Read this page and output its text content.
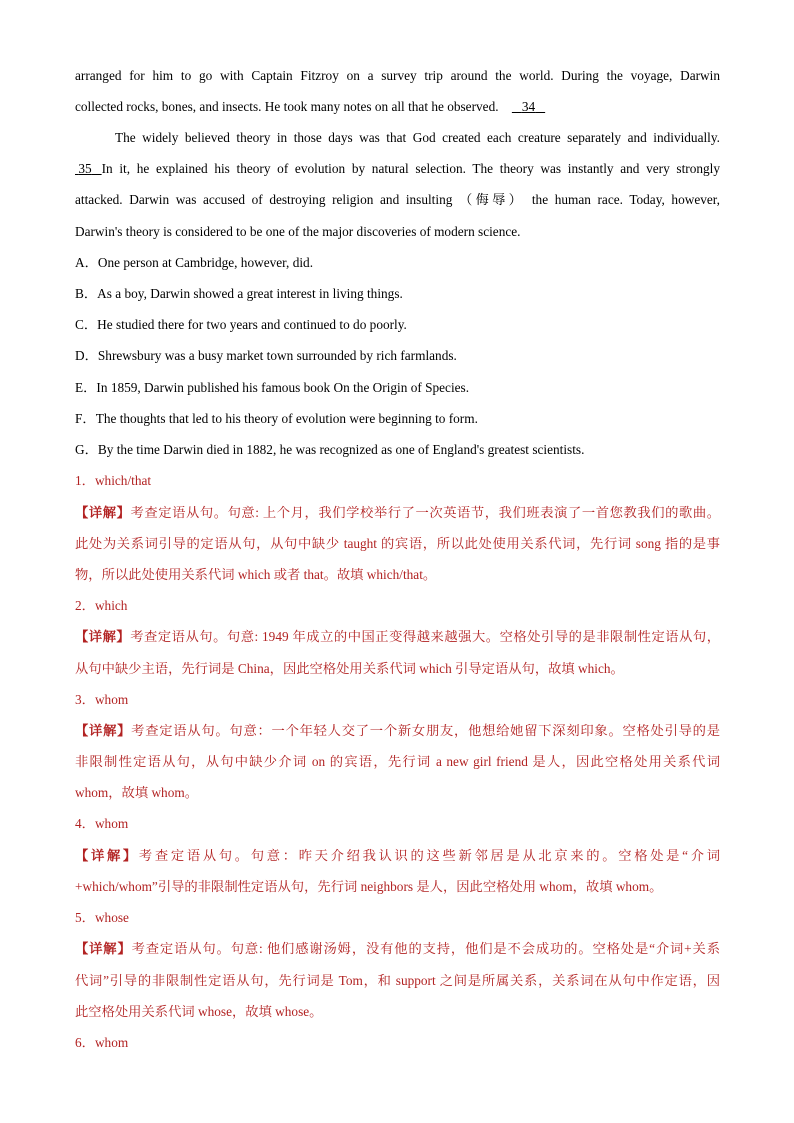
arranged for him to go with Captain Fitzroy on a survey trip around the world. During the voyage, Darwin
collected rocks, bones, and insects. He took many notes on all that he observed. 34
The widely believed theory in those days was that God created each creature separately and individually.
35 In it, he explained his theory of evolution by natural selection. The theory was instantly and very strongly
attacked. Darwin was accused of destroying religion and insulting （侮辱） the human race. Today, however,
Darwin's theory is considered to be one of the major discoveries of modern science.
A．One person at Cambridge, however, did.
B．As a boy, Darwin showed a great interest in living things.
C．He studied there for two years and continued to do poorly.
D．Shrewsbury was a busy market town surrounded by rich farmlands.
E．In 1859, Darwin published his famous book On the Origin of Species.
F．The thoughts that led to his theory of evolution were beginning to form.
G．By the time Darwin died in 1882, he was recognized as one of England's greatest scientists.
1．which/that
【详解】考查定语从句。句意: 上个月，我们学校举行了一次英语节，我们班表演了一首您教我们的歌曲。
此处为关系词引导的定语从句，从句中缺少 taught 的宾语，所以此处使用关系代词，先行词 song 指的是事
物，所以此处使用关系代词 which 或者 that。故填 which/that。
2．which
【详解】考查定语从句。句意: 1949 年成立的中国正变得越来越强大。空格处引导的是非限制性定语从句，
从句中缺少主语，先行词是 China，因此空格处用关系代词 which 引导定语从句，故填 which。
3．whom
【详解】考查定语从句。句意：一个年轻人交了一个新女朋友，他想给她留下深刻印象。空格处引导的是
非限制性定语从句，从句中缺少介词 on 的宾语，先行词 a new girl friend 是人，因此空格处用关系代词
whom，故填 whom。
4．whom
【详解】考查定语从句。句意：昨天介绍我认识的这些新邻居是从北京来的。空格处是“介词
+which/whom”引导的非限制性定语从句，先行词 neighbors 是人，因此空格处用 whom，故填 whom。
5．whose
【详解】考查定语从句。句意: 他们感谢汤姆，没有他的支持，他们是不会成功的。空格处是“介词+关系
代词”引导的非限制性定语从句，先行词是 Tom，和 support 之间是所属关系，关系词在从句中作定语，因
此空格处用关系代词 whose，故填 whose。
6．whom
